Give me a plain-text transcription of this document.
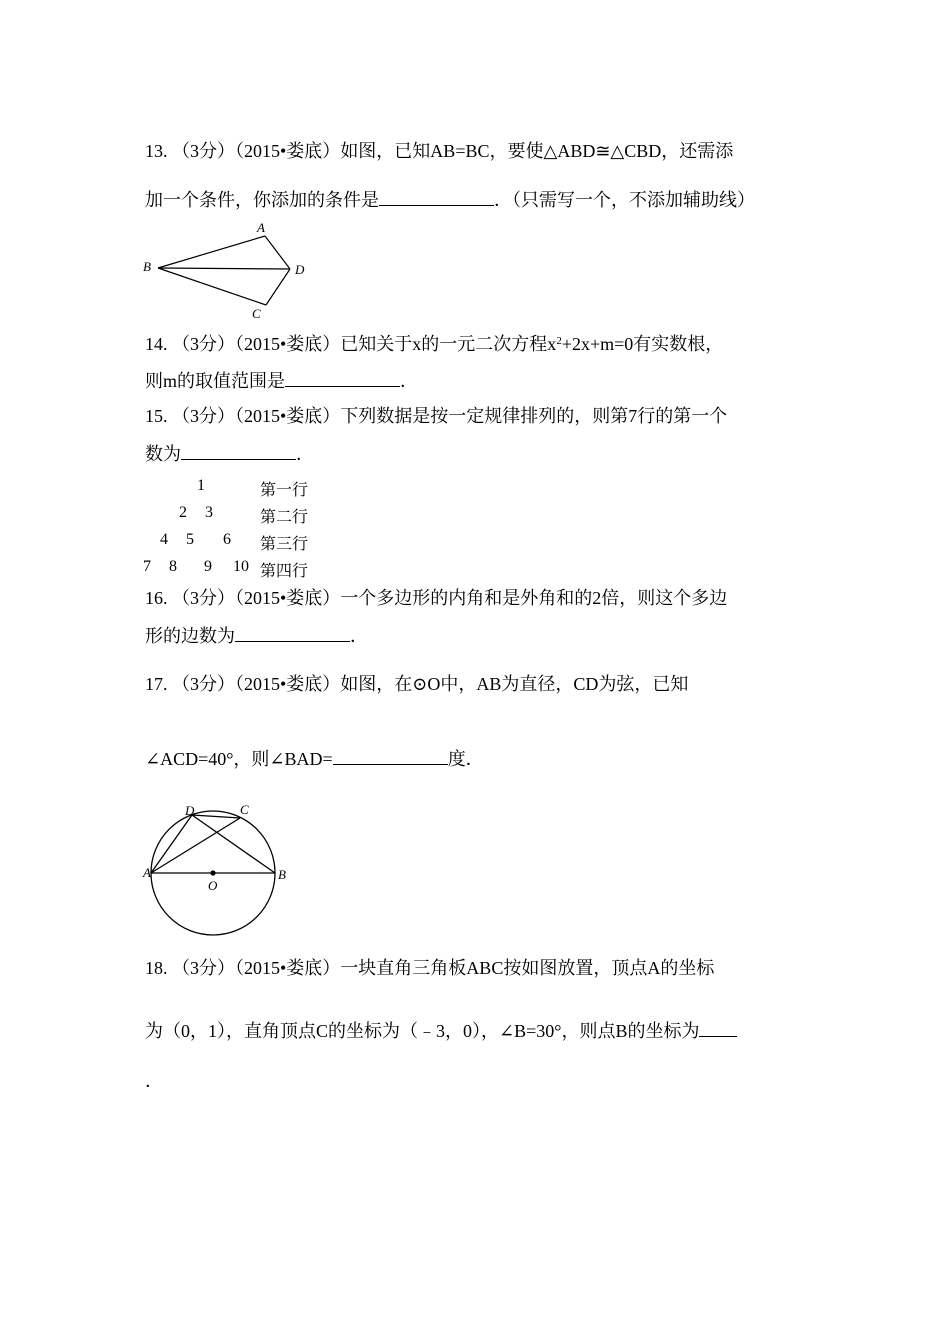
13. （3分）（2015•娄底）如图，已知AB=BC，要使△ABD≅△CBD，还需添
加一个条件，你添加的条件是	．（只需写一个，不添加辅助线）
A
B	D
C
14. （3分）（2015•娄底）已知关于x的一元二次方程$x^2+2x+m=0$有实数根，
则m的取值范围是	．
15. （3分）（2015•娄底）下列数据是按一定规律排列的，则第7行的第一个
数为	．
1	第一行
2 3	第二行
4 5 6 第三行
7 8 9 10 第四行
16. （3分）（2015•娄底）一个多边形的内角和是外角和的2倍，则这个多边
形的边数为	．
17. （3分）（2015•娄底）如图，在⊙O中，AB为直径，CD为弦，已知
∠ACD=40°，则∠BAD=	度．
D	C
A	B
O
18. （3分）（2015•娄底）一块直角三角板ABC按如图放置，顶点A的坐标
为（0，1），直角顶点C的坐标为（﹣3，0），∠B=30°，则点B的坐标为
．
